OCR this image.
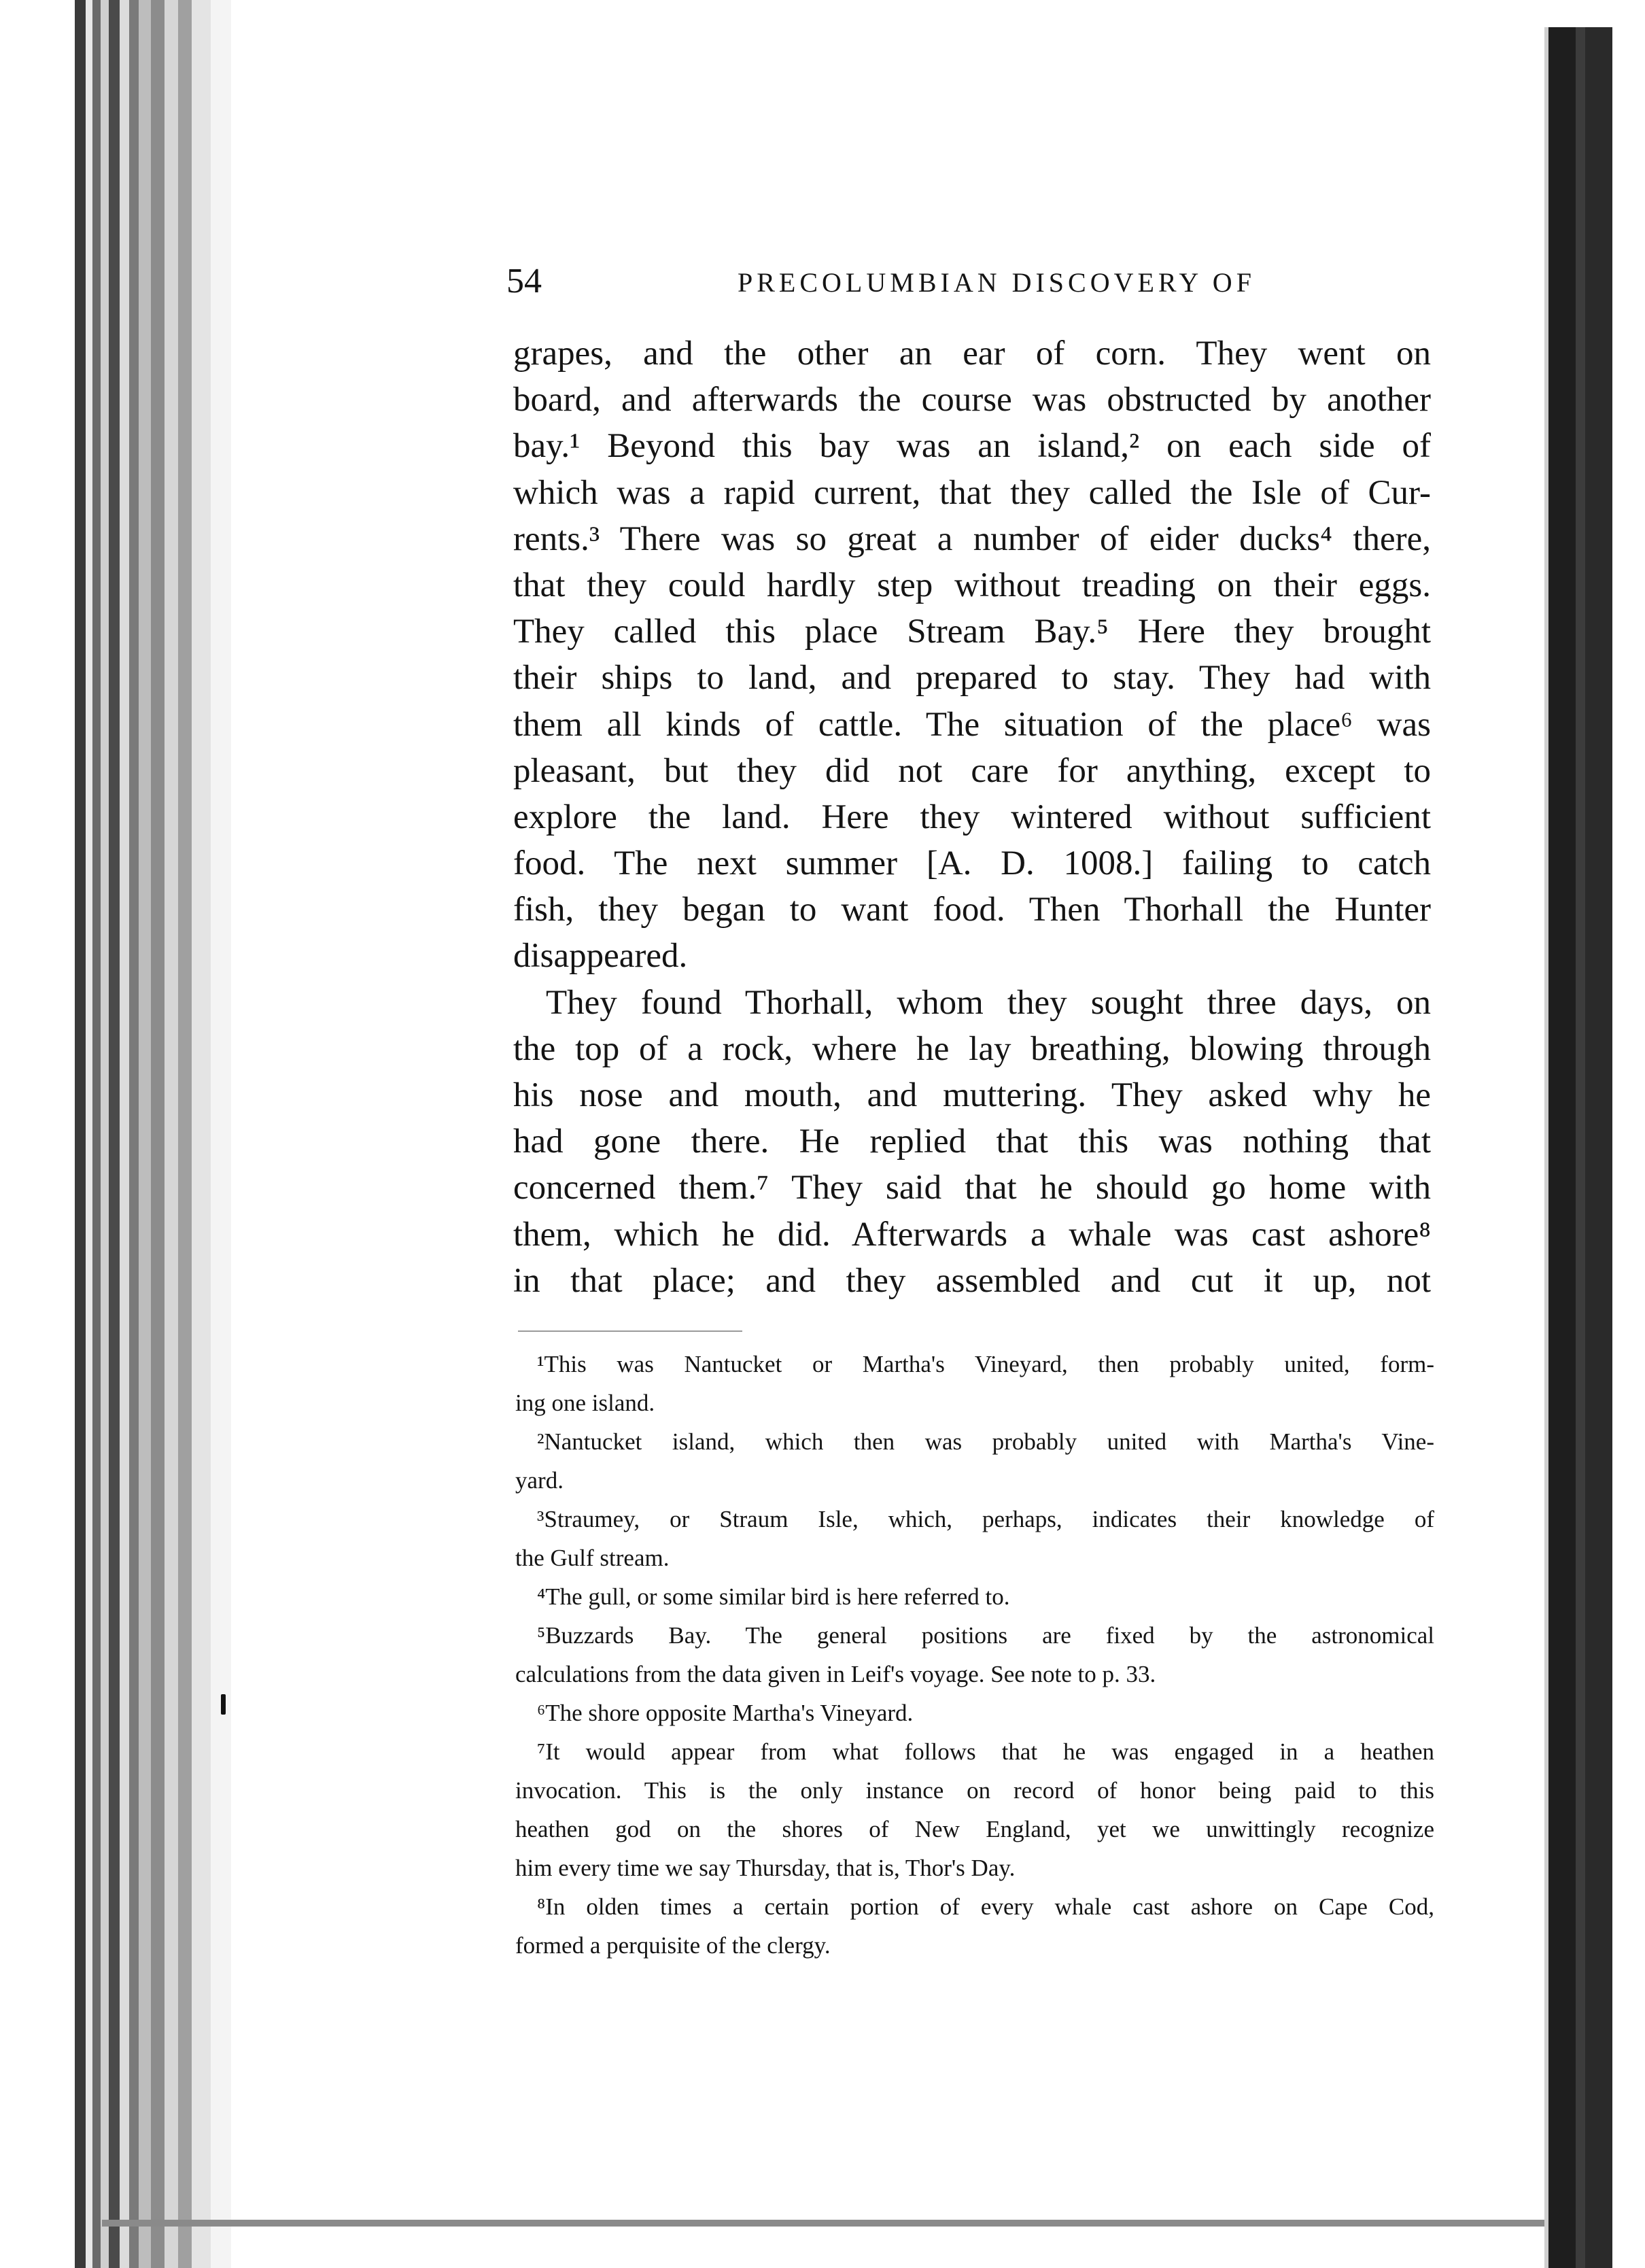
54	PRECOLUMBIAN DISCOVERY OF
grapes, and the other an ear of corn. They went on
board, and afterwards the course was obstructed by another
bay.¹ Beyond this bay was an island,² on each side of
which was a rapid current, that they called the Isle of Cur-
rents.³ There was so great a number of eider ducks⁴ there,
that they could hardly step without treading on their eggs.
They called this place Stream Bay.⁵ Here they brought
their ships to land, and prepared to stay. They had with
them all kinds of cattle. The situation of the place⁶ was
pleasant, but they did not care for anything, except to
explore the land. Here they wintered without sufficient
food. The next summer [A. D. 1008.] failing to catch
fish, they began to want food. Then Thorhall the Hunter
disappeared.
They found Thorhall, whom they sought three days, on
the top of a rock, where he lay breathing, blowing through
his nose and mouth, and muttering. They asked why he
had gone there. He replied that this was nothing that
concerned them.⁷ They said that he should go home with
them, which he did. Afterwards a whale was cast ashore⁸
in that place; and they assembled and cut it up, not
¹This was Nantucket or Martha's Vineyard, then probably united, form-
ing one island.
²Nantucket island, which then was probably united with Martha's Vine-
yard.
³Straumey, or Straum Isle, which, perhaps, indicates their knowledge of
the Gulf stream.
⁴The gull, or some similar bird is here referred to.
⁵Buzzards Bay. The general positions are fixed by the astronomical
calculations from the data given in Leif's voyage. See note to p. 33.
⁶The shore opposite Martha's Vineyard.
⁷It would appear from what follows that he was engaged in a heathen
invocation. This is the only instance on record of honor being paid to this
heathen god on the shores of New England, yet we unwittingly recognize
him every time we say Thursday, that is, Thor's Day.
⁸In olden times a certain portion of every whale cast ashore on Cape Cod,
formed a perquisite of the clergy.
